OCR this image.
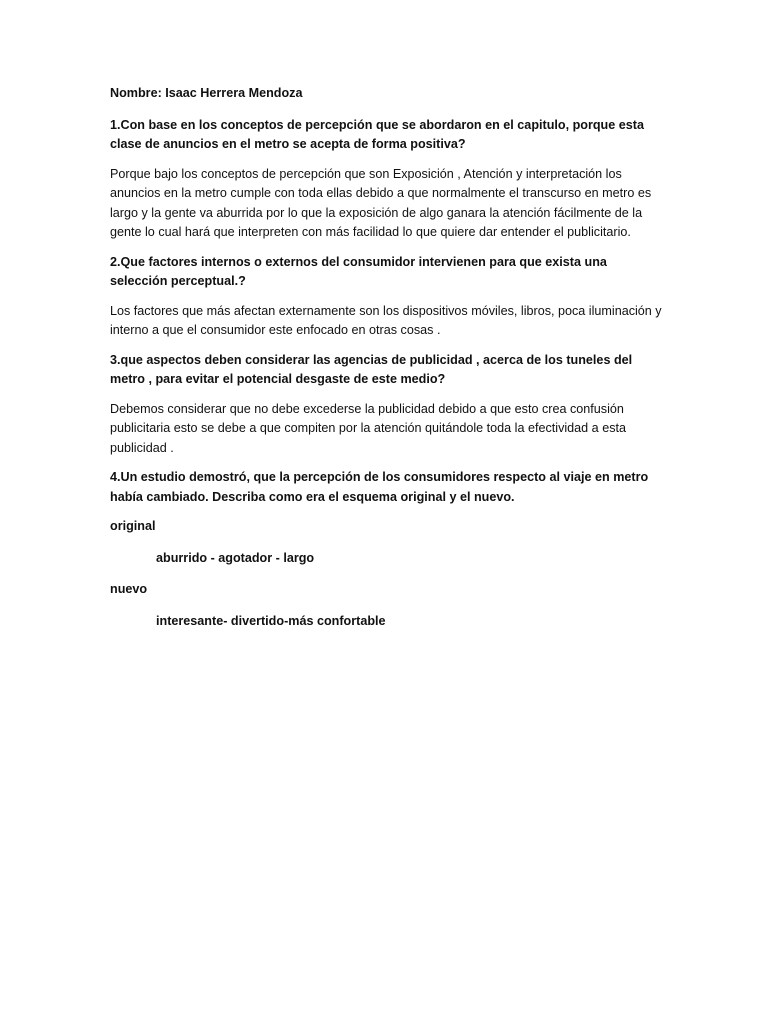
Nombre: Isaac Herrera Mendoza

1.Con base en los conceptos de percepción que se abordaron en el capitulo, porque esta clase de anuncios en el metro se acepta de forma positiva?

Porque bajo los conceptos de percepción que son Exposición , Atención y interpretación los anuncios en la metro cumple con toda ellas debido a que normalmente el transcurso en metro es largo y la gente va aburrida por lo que la exposición de algo ganara la atención fácilmente de la gente lo cual hará que interpreten con más facilidad lo que quiere dar entender el publicitario.

2.Que factores internos o externos del consumidor intervienen para que exista una selección perceptual.?

Los factores que más afectan externamente son los dispositivos móviles, libros, poca iluminación y interno a que el consumidor este enfocado en otras cosas .

3.que aspectos deben considerar las agencias de publicidad , acerca de los tuneles del metro , para evitar el potencial desgaste de este medio?

Debemos considerar que no debe excederse la publicidad debido a que esto crea confusión publicitaria esto se debe a que compiten por la atención quitándole toda la efectividad a esta publicidad .

4.Un estudio demostró, que la percepción de los consumidores respecto al viaje en metro había cambiado. Describa como era el esquema original y el nuevo.

original

aburrido - agotador - largo

nuevo

interesante- divertido-más confortable
